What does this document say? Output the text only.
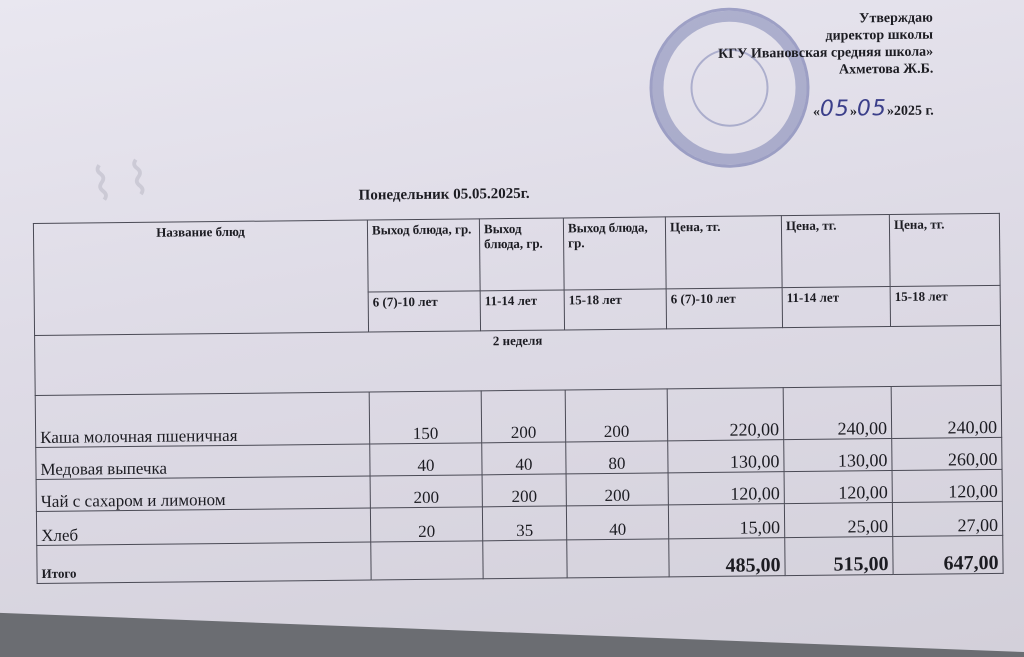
⌇ ⌇
Утверждаю
директор школы
КГУ Ивановская средняя школа»
Ахметова Ж.Б.
«05»05»2025 г.
Понедельник 05.05.2025г.
Название блюд	Выход блюда, гр.	Выход блюда, гр.	Выход блюда, гр.	Цена, тг.	Цена, тг.	Цена, тг.
	6 (7)-10 лет	11-14 лет	15-18 лет	6 (7)-10 лет	11-14 лет	15-18 лет
2 неделя						
Каша молочная пшеничная	150	200	200	220,00	240,00	240,00
Медовая выпечка	40	40	80	130,00	130,00	260,00
Чай с сахаром и лимоном	200	200	200	120,00	120,00	120,00
Хлеб	20	35	40	15,00	25,00	27,00
Итого				485,00	515,00	647,00
